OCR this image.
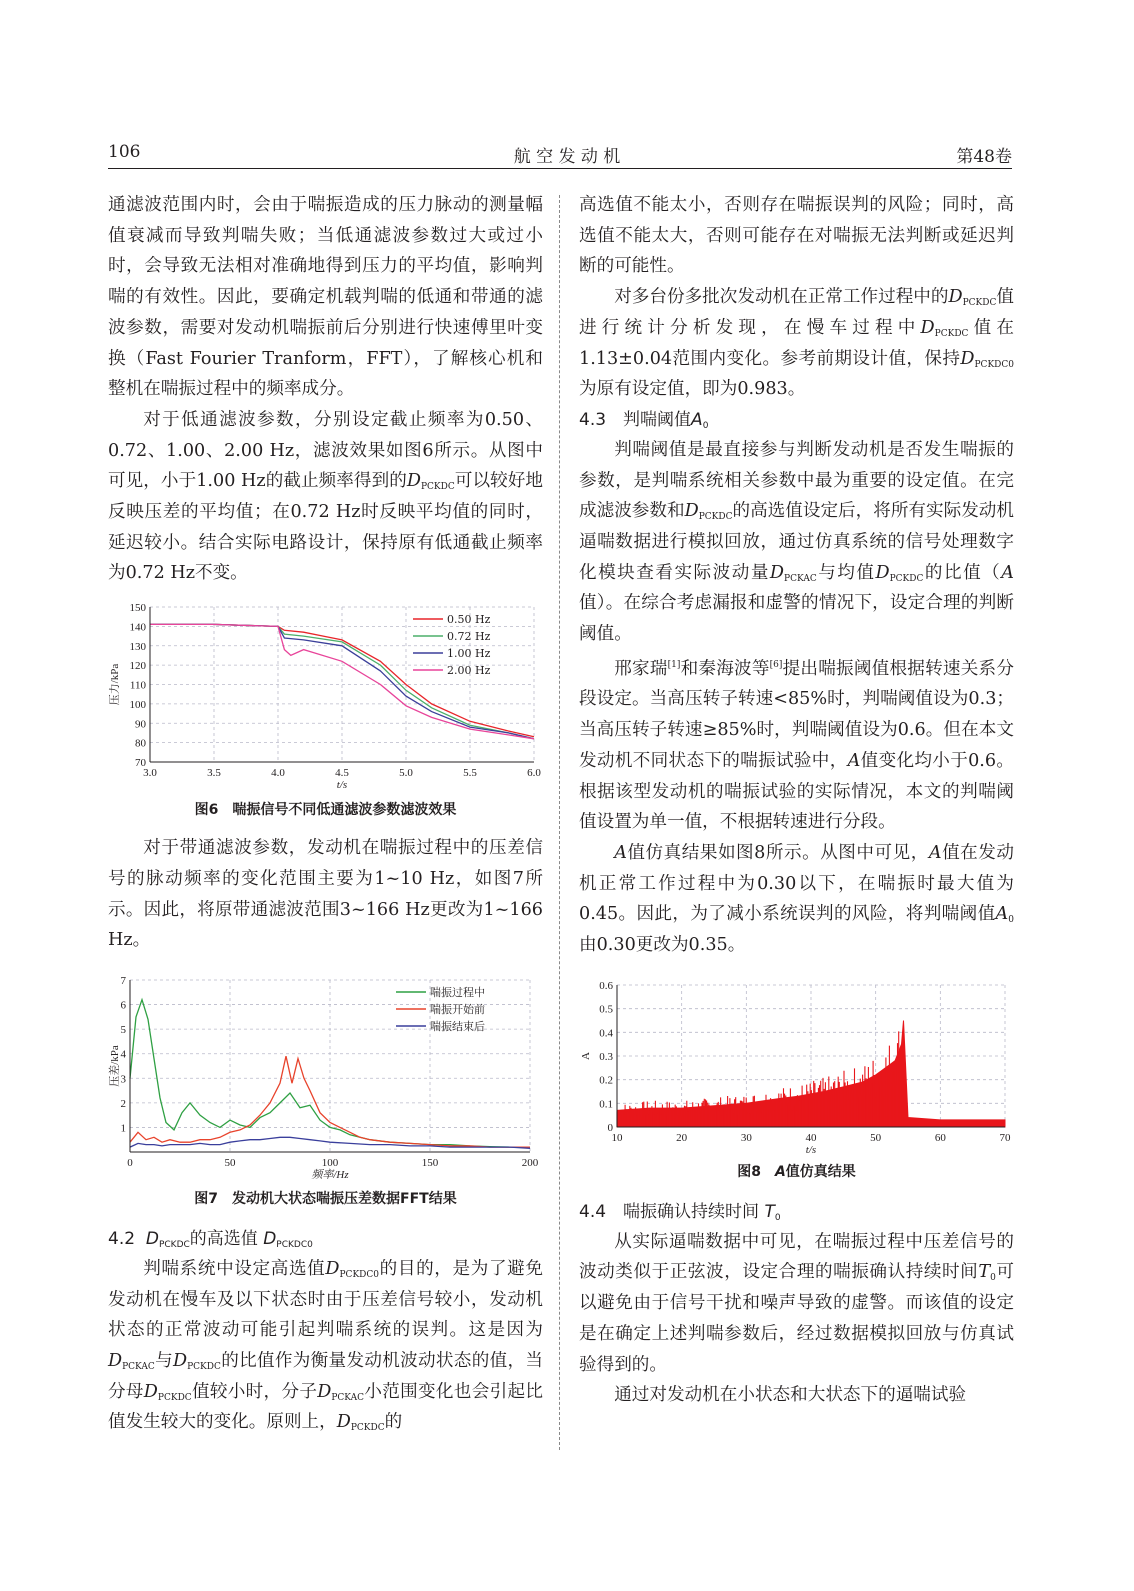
106	航 空 发 动 机	第48卷

通滤波范围内时，会由于喘振造成的压力脉动的测量幅值衰减而导致判喘失败；当低通滤波参数过大或过小时，会导致无法相对准确地得到压力的平均值，影响判喘的有效性。因此，要确定机载判喘的低通和带通的滤波参数，需要对发动机喘振前后分别进行快速傅里叶变换（Fast Fourier Tranform，FFT），了解核心机和整机在喘振过程中的频率成分。

对于低通滤波参数，分别设定截止频率为0.50、0.72、1.00、2.00 Hz，滤波效果如图6所示。从图中可见，小于1.00 Hz的截止频率得到的$D_{PCKDC}$可以较好地反映压差的平均值；在0.72 Hz时反映平均值的同时，延迟较小。结合实际电路设计，保持原有低通截止频率为0.72 Hz不变。

3.0	3.5	4.0	4.5	5.0	5.5	6.0
70
80
90
100
110
120
130
140
150
0.50 Hz
0.72 Hz
1.00 Hz
2.00 Hz
t/s
压力/kPa
图6　喘振信号不同低通滤波参数滤波效果

对于带通滤波参数，发动机在喘振过程中的压差信号的脉动频率的变化范围主要为1~10 Hz，如图7所示。因此，将原带通滤波范围3~166 Hz更改为1~166 Hz。

0	50	100	150	200
1
2
3
4
5
6
7
喘振过程中
喘振开始前
喘振结束后
频率/Hz
压差/kPa
图7　发动机大状态喘振压差数据FFT结果

4.2 $D_{PCKDC}$的高选值 $D_{PCKDC0}$

判喘系统中设定高选值$D_{PCKDC0}$的目的，是为了避免发动机在慢车及以下状态时由于压差信号较小，发动机状态的正常波动可能引起判喘系统的误判。这是因为$D_{PCKAC}$与$D_{PCKDC}$的比值作为衡量发动机波动状态的值，当分母$D_{PCKDC}$值较小时，分子$D_{PCKAC}$小范围变化也会引起比值发生较大的变化。原则上，$D_{PCKDC}$的

高选值不能太小，否则存在喘振误判的风险；同时，高选值不能太大，否则可能存在对喘振无法判断或延迟判断的可能性。

对多台份多批次发动机在正常工作过程中的$D_{PCKDC}$值进行统计分析发现，在慢车过程中$D_{PCKDC}$值在1.13±0.04范围内变化。参考前期设计值，保持$D_{PCKDC0}$为原有设定值，即为0.983。

4.3　判喘阈值$A_0$

判喘阈值是最直接参与判断发动机是否发生喘振的参数，是判喘系统相关参数中最为重要的设定值。在完成滤波参数和$D_{PCKDC}$的高选值设定后，将所有实际发动机逼喘数据进行模拟回放，通过仿真系统的信号处理数字化模块查看实际波动量$D_{PCKAC}$与均值$D_{PCKDC}$的比值（A值）。在综合考虑漏报和虚警的情况下，设定合理的判断阈值。

邢家瑞[1]和秦海波等[6]提出喘振阈值根据转速关系分段设定。当高压转子转速<85%时，判喘阈值设为0.3；当高压转子转速≥85%时，判喘阈值设为0.6。但在本文发动机不同状态下的喘振试验中，A值变化均小于0.6。根据该型发动机的喘振试验的实际情况，本文的判喘阈值设置为单一值，不根据转速进行分段。

A值仿真结果如图8所示。从图中可见，A值在发动机正常工作过程中为0.30以下，在喘振时最大值为0.45。因此，为了减小系统误判的风险，将判喘阈值$A_0$由0.30更改为0.35。

10	20	30	40	50	60	70
0
0.1
0.2
0.3
0.4
0.5
0.6
t/s
A
图8　A值仿真结果

4.4　喘振确认持续时间 $T_0$

从实际逼喘数据中可见，在喘振过程中压差信号的波动类似于正弦波，设定合理的喘振确认持续时间$T_0$可以避免由于信号干扰和噪声导致的虚警。而该值的设定是在确定上述判喘参数后，经过数据模拟回放与仿真试验得到的。

通过对发动机在小状态和大状态下的逼喘试验
